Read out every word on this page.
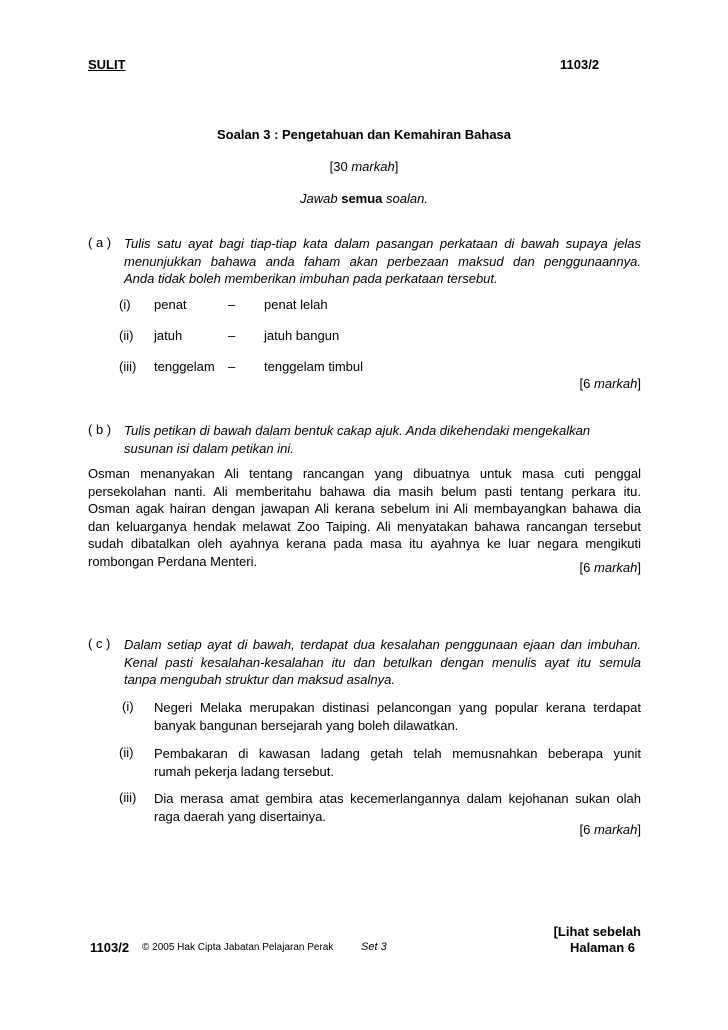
SULIT	1103/2
Soalan 3 : Pengetahuan dan Kemahiran Bahasa
[30 markah]
Jawab semua soalan.
( a ) Tulis satu ayat bagi tiap-tiap kata dalam pasangan perkataan di bawah supaya jelas
menunjukkan bahawa anda faham akan perbezaan maksud dan penggunaannya.
Anda tidak boleh memberikan imbuhan pada perkataan tersebut.
(i) penat	– penat lelah
(ii) jatuh	– jatuh bangun
(iii) tenggelam – tenggelam timbul
[6 markah]
( b ) Tulis petikan di bawah dalam bentuk cakap ajuk. Anda dikehendaki mengekalkan
susunan isi dalam petikan ini.
Osman menanyakan Ali tentang rancangan yang dibuatnya untuk masa cuti penggal
persekolahan nanti. Ali memberitahu bahawa dia masih belum pasti tentang perkara itu.
Osman agak hairan dengan jawapan Ali kerana sebelum ini Ali membayangkan bahawa dia
dan keluarganya hendak melawat Zoo Taiping. Ali menyatakan bahawa rancangan tersebut
sudah dibatalkan oleh ayahnya kerana pada masa itu ayahnya ke luar negara mengikuti
rombongan Perdana Menteri.	[6 markah]
( c ) Dalam setiap ayat di bawah, terdapat dua kesalahan penggunaan ejaan dan imbuhan.
Kenal pasti kesalahan-kesalahan itu dan betulkan dengan menulis ayat itu semula
tanpa mengubah struktur dan maksud asalnya.
(i) Negeri Melaka merupakan distinasi pelancongan yang popular kerana terdapat
banyak bangunan bersejarah yang boleh dilawatkan.
(ii) Pembakaran di kawasan ladang getah telah memusnahkan beberapa yunit
rumah pekerja ladang tersebut.
(iii) Dia merasa amat gembira atas kecemerlangannya dalam kejohanan sukan olah
raga daerah yang disertainya.
[6 markah]
[Lihat sebelah
1103/2 © 2005 Hak Cipta Jabatan Pelajaran Perak	Set 3	Halaman 6
